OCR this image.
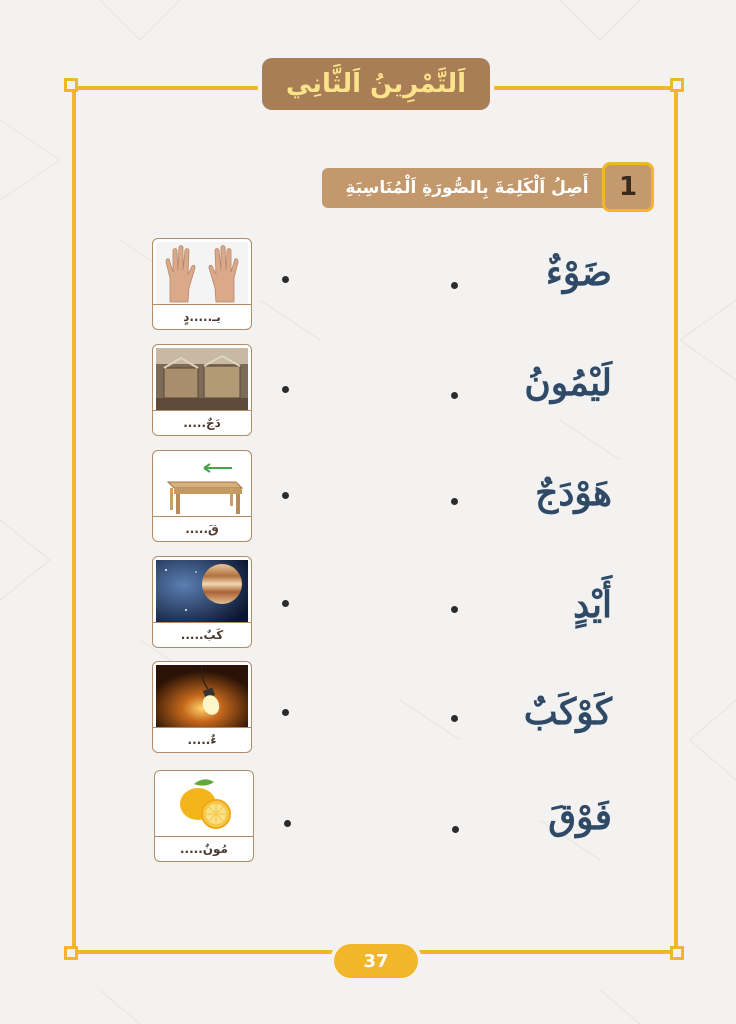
اَلتَّمْرِينُ اَلثَّانِي
أَصِلُ اَلْكَلِمَةَ بِالصُّورَةِ اَلْمُنَاسِبَةِ	1
يـ.....دٍ
ضَوْءٌ
دَجٌ.....
لَيْمُونُ
قَ.....
هَوْدَجٌ
كَبٌ.....
أَيْدٍ
ءٌ.....
كَوْكَبٌ
مُونٌ.....
فَوْقَ
37
